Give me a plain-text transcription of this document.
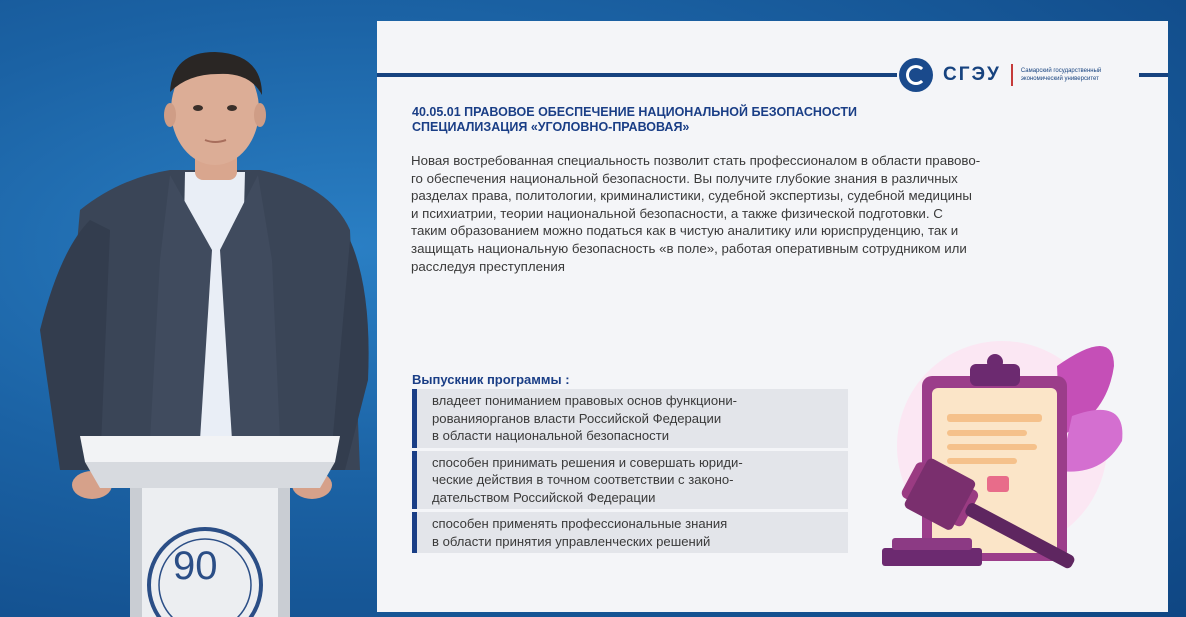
90
СГЭУ	Самарский государственный
экономический университет
40.05.01 ПРАВОВОЕ ОБЕСПЕЧЕНИЕ НАЦИОНАЛЬНОЙ БЕЗОПАСНОСТИ
СПЕЦИАЛИЗАЦИЯ «УГОЛОВНО-ПРАВОВАЯ»
Новая востребованная специальность позволит стать профессионалом в области правово-
го обеспечения национальной безопасности. Вы получите глубокие знания в различных
разделах права, политологии, криминалистики, судебной экспертизы, судебной медицины
и психиатрии, теории национальной безопасности, а также физической подготовки. С
таким образованием можно податься как в чистую аналитику или юриспруденцию, так и
защищать национальную безопасность «в поле», работая оперативным сотрудником или
расследуя преступления
Выпускник программы :
владеет пониманием правовых основ функциони-
рованияорганов власти Российской Федерации
в области национальной безопасности
способен принимать решения и совершать юриди-
ческие действия в точном соответствии с законо-
дательством Российской Федерации
способен применять профессиональные знания
в области принятия управленческих решений
